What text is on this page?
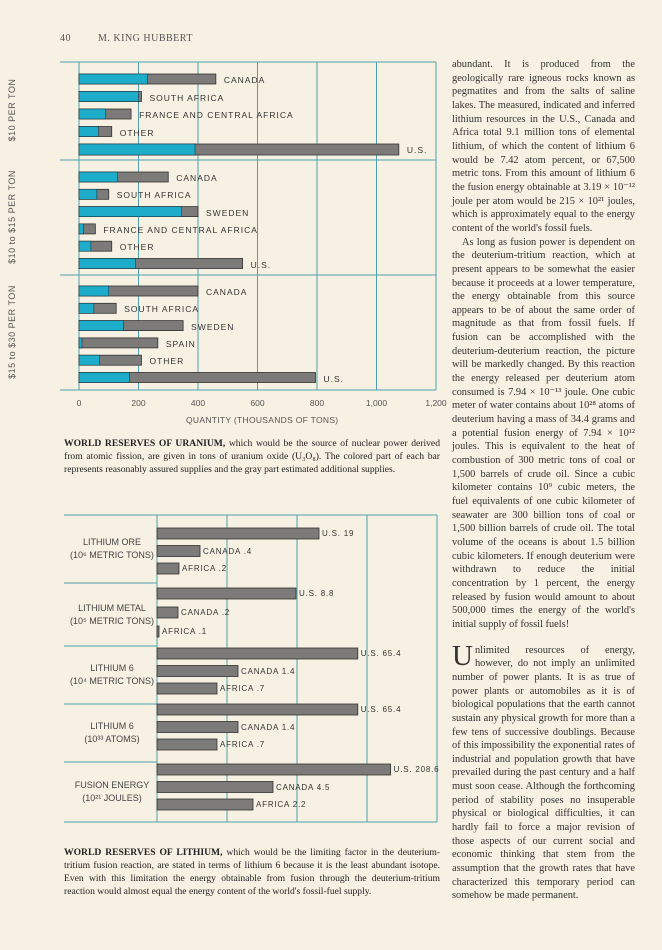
40	M. KING HUBBERT
0	200	400	600	800	1,000	1,200
$10 PER TON	CANADA
SOUTH AFRICA
FRANCE AND CENTRAL AFRICA
OTHER
U.S.
$10 to $15 PER TON	CANADA
SOUTH AFRICA
SWEDEN
FRANCE AND CENTRAL AFRICA
OTHER
U.S.
$15 to $30 PER TON	CANADA
SOUTH AFRICA
SWEDEN
SPAIN
OTHER
U.S.
QUANTITY (THOUSANDS OF TONS)
WORLD RESERVES OF URANIUM, which would be the source of nuclear power derived from atomic fission, are given in tons of uranium oxide (U₃O₈). The colored part of each bar represents reasonably assured supplies and the gray part estimated additional supplies.
LITHIUM ORE
(10⁶ METRIC TONS)
U.S. 19
CANADA .4
AFRICA .2
LITHIUM METAL
(10⁵ METRIC TONS)
U.S. 8.8
CANADA .2
AFRICA .1
LITHIUM 6
(10⁴ METRIC TONS)
U.S. 65.4
CANADA 1.4
AFRICA .7
LITHIUM 6
(10³³ ATOMS)
U.S. 65.4
CANADA 1.4
AFRICA .7
FUSION ENERGY
(10²¹ JOULES)
U.S. 208.6
CANADA 4.5
AFRICA 2.2
WORLD RESERVES OF LITHIUM, which would be the limiting factor in the deuterium-tritium fusion reaction, are stated in terms of lithium 6 because it is the least abundant isotope. Even with this limitation the energy obtainable from fusion through the deuterium-tritium reaction would almost equal the energy content of the world's fossil-fuel supply.

abundant. It is produced from the geologically rare igneous rocks known as pegmatites and from the salts of saline lakes. The measured, indicated and inferred lithium resources in the U.S., Canada and Africa total 9.1 million tons of elemental lithium, of which the content of lithium 6 would be 7.42 atom percent, or 67,500 metric tons. From this amount of lithium 6 the fusion energy obtainable at 3.19 × 10⁻¹² joule per atom would be 215 × 10²¹ joules, which is approximately equal to the energy content of the world's fossil fuels.

As long as fusion power is dependent on the deuterium-tritium reaction, which at present appears to be somewhat the easier because it proceeds at a lower temperature, the energy obtainable from this source appears to be of about the same order of magnitude as that from fossil fuels. If fusion can be accomplished with the deuterium-deuterium reaction, the picture will be markedly changed. By this reaction the energy released per deuterium atom consumed is 7.94 × 10⁻¹³ joule. One cubic meter of water contains about 10²⁸ atoms of deuterium having a mass of 34.4 grams and a potential fusion energy of 7.94 × 10¹² joules. This is equivalent to the heat of combustion of 300 metric tons of coal or 1,500 barrels of crude oil. Since a cubic kilometer contains 10⁹ cubic meters, the fuel equivalents of one cubic kilometer of seawater are 300 billion tons of coal or 1,500 billion barrels of crude oil. The total volume of the oceans is about 1.5 billion cubic kilometers. If enough deuterium were withdrawn to reduce the initial concentration by 1 percent, the energy released by fusion would amount to about 500,000 times the energy of the world's initial supply of fossil fuels!

Unlimited resources of energy, however, do not imply an unlimited number of power plants. It is as true of power plants or automobiles as it is of biological populations that the earth cannot sustain any physical growth for more than a few tens of successive doublings. Because of this impossibility the exponential rates of industrial and population growth that have prevailed during the past century and a half must soon cease. Although the forthcoming period of stability poses no insuperable physical or biological difficulties, it can hardly fail to force a major revision of those aspects of our current social and economic thinking that stem from the assumption that the growth rates that have characterized this temporary period can somehow be made permanent.
